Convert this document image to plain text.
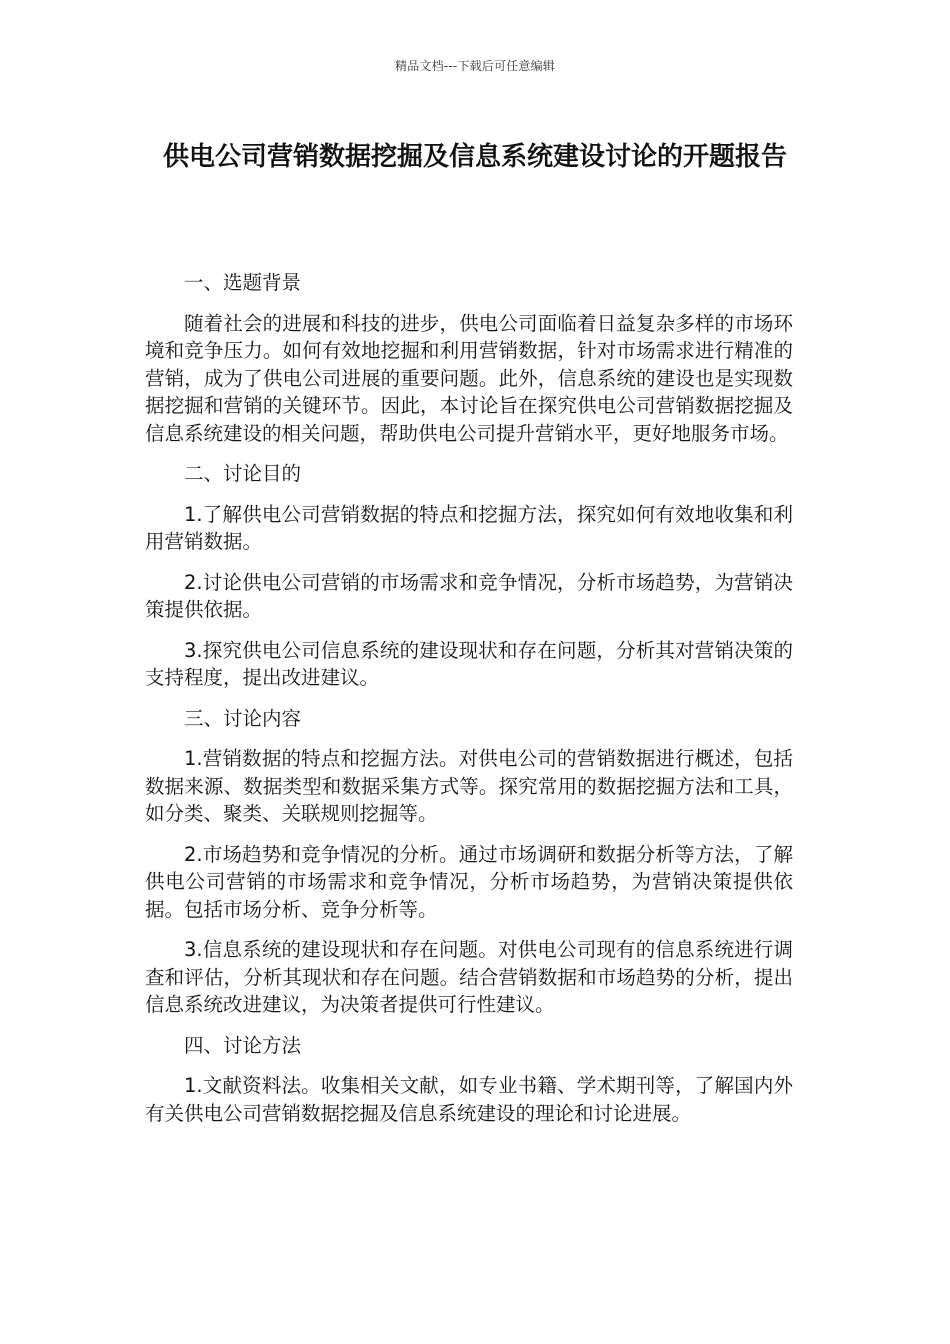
精品文档---下载后可任意编辑
供电公司营销数据挖掘及信息系统建设讨论的开题报告

一、选题背景

随着社会的进展和科技的进步，供电公司面临着日益复杂多样的市场环境和竞争压力。如何有效地挖掘和利用营销数据，针对市场需求进行精准的营销，成为了供电公司进展的重要问题。此外，信息系统的建设也是实现数据挖掘和营销的关键环节。因此，本讨论旨在探究供电公司营销数据挖掘及信息系统建设的相关问题，帮助供电公司提升营销水平，更好地服务市场。

二、讨论目的

1.了解供电公司营销数据的特点和挖掘方法，探究如何有效地收集和利用营销数据。

2.讨论供电公司营销的市场需求和竞争情况，分析市场趋势，为营销决策提供依据。

3.探究供电公司信息系统的建设现状和存在问题，分析其对营销决策的支持程度，提出改进建议。

三、讨论内容

1.营销数据的特点和挖掘方法。对供电公司的营销数据进行概述，包括数据来源、数据类型和数据采集方式等。探究常用的数据挖掘方法和工具，如分类、聚类、关联规则挖掘等。

2.市场趋势和竞争情况的分析。通过市场调研和数据分析等方法，了解供电公司营销的市场需求和竞争情况，分析市场趋势，为营销决策提供依据。包括市场分析、竞争分析等。

3.信息系统的建设现状和存在问题。对供电公司现有的信息系统进行调查和评估，分析其现状和存在问题。结合营销数据和市场趋势的分析，提出信息系统改进建议，为决策者提供可行性建议。

四、讨论方法

1.文献资料法。收集相关文献，如专业书籍、学术期刊等，了解国内外有关供电公司营销数据挖掘及信息系统建设的理论和讨论进展。
